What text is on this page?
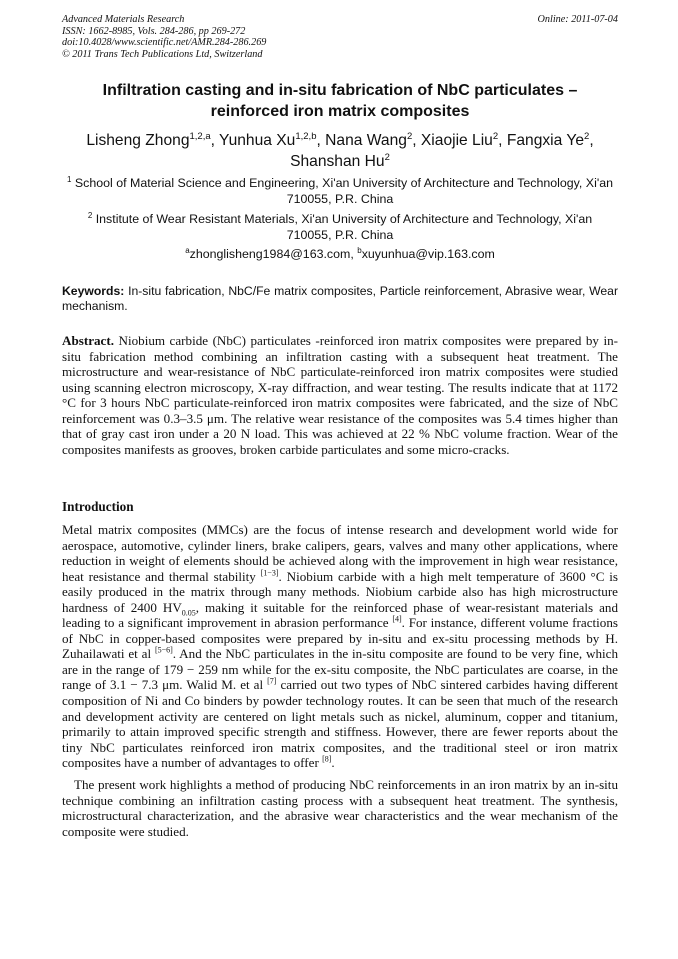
Advanced Materials Research
ISSN: 1662-8985, Vols. 284-286, pp 269-272
doi:10.4028/www.scientific.net/AMR.284-286.269
© 2011 Trans Tech Publications Ltd, Switzerland
Online: 2011-07-04
Infiltration casting and in-situ fabrication of NbC particulates –
reinforced iron matrix composites
Lisheng Zhong$^{1,2,a}$, Yunhua Xu$^{1,2,b}$, Nana Wang$^2$, Xiaojie Liu$^2$, Fangxia Ye$^2$,
Shanshan Hu$^2$
$^1$ School of Material Science and Engineering, Xi'an University of Architecture and Technology, Xi'an
710055, P.R. China
$^2$ Institute of Wear Resistant Materials, Xi'an University of Architecture and Technology, Xi'an
710055, P.R. China
$^a$zhonglisheng1984@163.com, $^b$xuyunhua@vip.163.com
Keywords: In-situ fabrication, NbC/Fe matrix composites, Particle reinforcement, Abrasive wear, Wear mechanism.
Abstract. Niobium carbide (NbC) particulates -reinforced iron matrix composites were prepared by in- situ fabrication method combining an infiltration casting with a subsequent heat treatment. The microstructure and wear-resistance of NbC particulate-reinforced iron matrix composites were studied using scanning electron microscopy, X-ray diffraction, and wear testing. The results indicate that at 1172 °C for 3 hours NbC particulate-reinforced iron matrix composites were fabricated, and the size of NbC reinforcement was 0.3–3.5 μm. The relative wear resistance of the composites was 5.4 times higher than that of gray cast iron under a 20 N load. This was achieved at 22 % NbC volume fraction. Wear of the composites manifests as grooves, broken carbide particulates and some micro-cracks.
Introduction

Metal matrix composites (MMCs) are the focus of intense research and development world wide for aerospace, automotive, cylinder liners, brake calipers, gears, valves and many other applications, where reduction in weight of elements should be achieved along with the improvement in high wear resistance, heat resistance and thermal stability [1−3]. Niobium carbide with a high melt temperature of 3600 °C is easily produced in the matrix through many methods. Niobium carbide also has high microstructure hardness of 2400 $HV_{0.05}$, making it suitable for the reinforced phase of wear-resistant materials and leading to a significant improvement in abrasion performance [4]. For instance, different volume fractions of NbC in copper-based composites were prepared by in-situ and ex-situ processing methods by H. Zuhailawati et al [5−6]. And the NbC particulates in the in-situ composite are found to be very fine, which are in the range of 179 − 259 nm while for the ex-situ composite, the NbC particulates are coarse, in the range of 3.1 − 7.3 μm. Walid M. et al [7] carried out two types of NbC sintered carbides having different composition of Ni and Co binders by powder technology routes. It can be seen that much of the research and development activity are centered on light metals such as nickel, aluminum, copper and titanium, primarily to attain improved specific strength and stiffness. However, there are fewer reports about the tiny NbC particulates reinforced iron matrix composites, and the traditional steel or iron matrix composites have a number of advantages to offer [8].

The present work highlights a method of producing NbC reinforcements in an iron matrix by an in-situ technique combining an infiltration casting process with a subsequent heat treatment. The synthesis, microstructural characterization, and the abrasive wear characteristics and the wear mechanism of the composite were studied.
